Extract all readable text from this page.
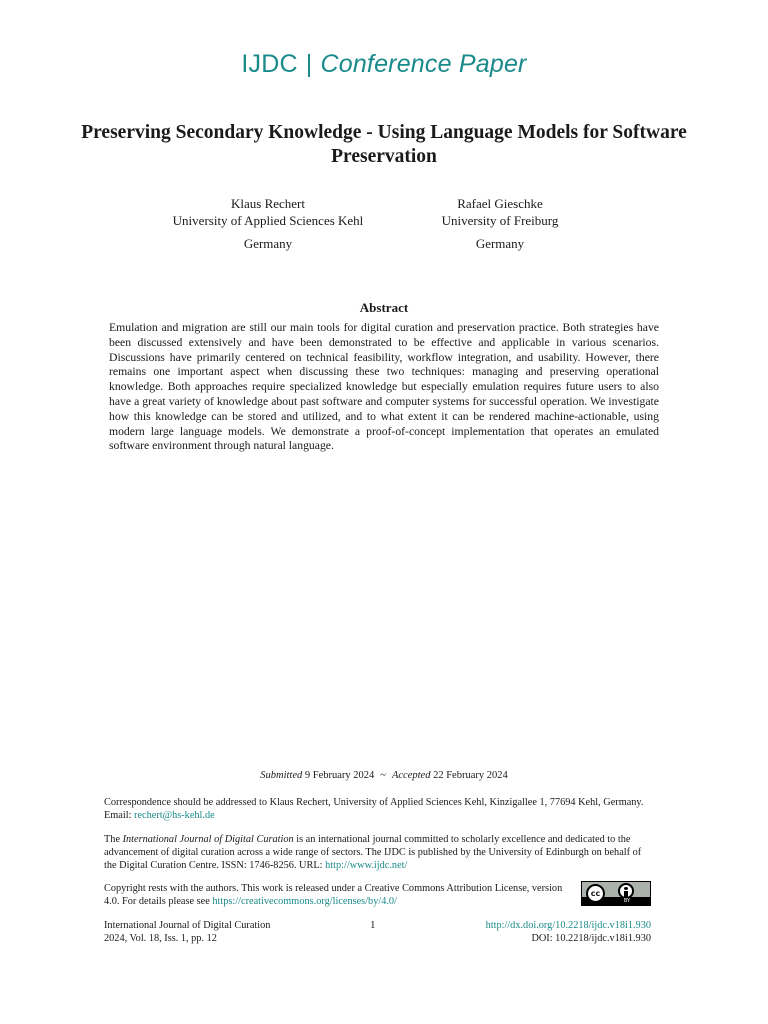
IJDC | Conference Paper
Preserving Secondary Knowledge - Using Language Models for Software Preservation
Klaus Rechert
University of Applied Sciences Kehl
Germany
Rafael Gieschke
University of Freiburg
Germany
Abstract
Emulation and migration are still our main tools for digital curation and preservation practice. Both strategies have been discussed extensively and have been demonstrated to be effective and applicable in various scenarios. Discussions have primarily centered on technical feasibility, workflow integration, and usability. However, there remains one important aspect when discussing these two techniques: managing and preserving operational knowledge. Both approaches require specialized knowledge but especially emulation requires future users to also have a great variety of knowledge about past software and computer systems for successful operation. We investigate how this knowledge can be stored and utilized, and to what extent it can be rendered machine-actionable, using modern large language models. We demonstrate a proof-of-concept implementation that operates an emulated software environment through natural language.
Submitted 9 February 2024 ~ Accepted 22 February 2024
Correspondence should be addressed to Klaus Rechert, University of Applied Sciences Kehl, Kinzigallee 1, 77694 Kehl, Germany. Email: rechert@hs-kehl.de
The International Journal of Digital Curation is an international journal committed to scholarly excellence and dedicated to the advancement of digital curation across a wide range of sectors. The IJDC is published by the University of Edinburgh on behalf of the Digital Curation Centre. ISSN: 1746-8256. URL: http://www.ijdc.net/
Copyright rests with the authors. This work is released under a Creative Commons Attribution License, version 4.0. For details please see https://creativecommons.org/licenses/by/4.0/
cc
BY
International Journal of Digital Curation
2024, Vol. 18, Iss. 1, pp. 12
1	http://dx.doi.org/10.2218/ijdc.v18i1.930
DOI: 10.2218/ijdc.v18i1.930
